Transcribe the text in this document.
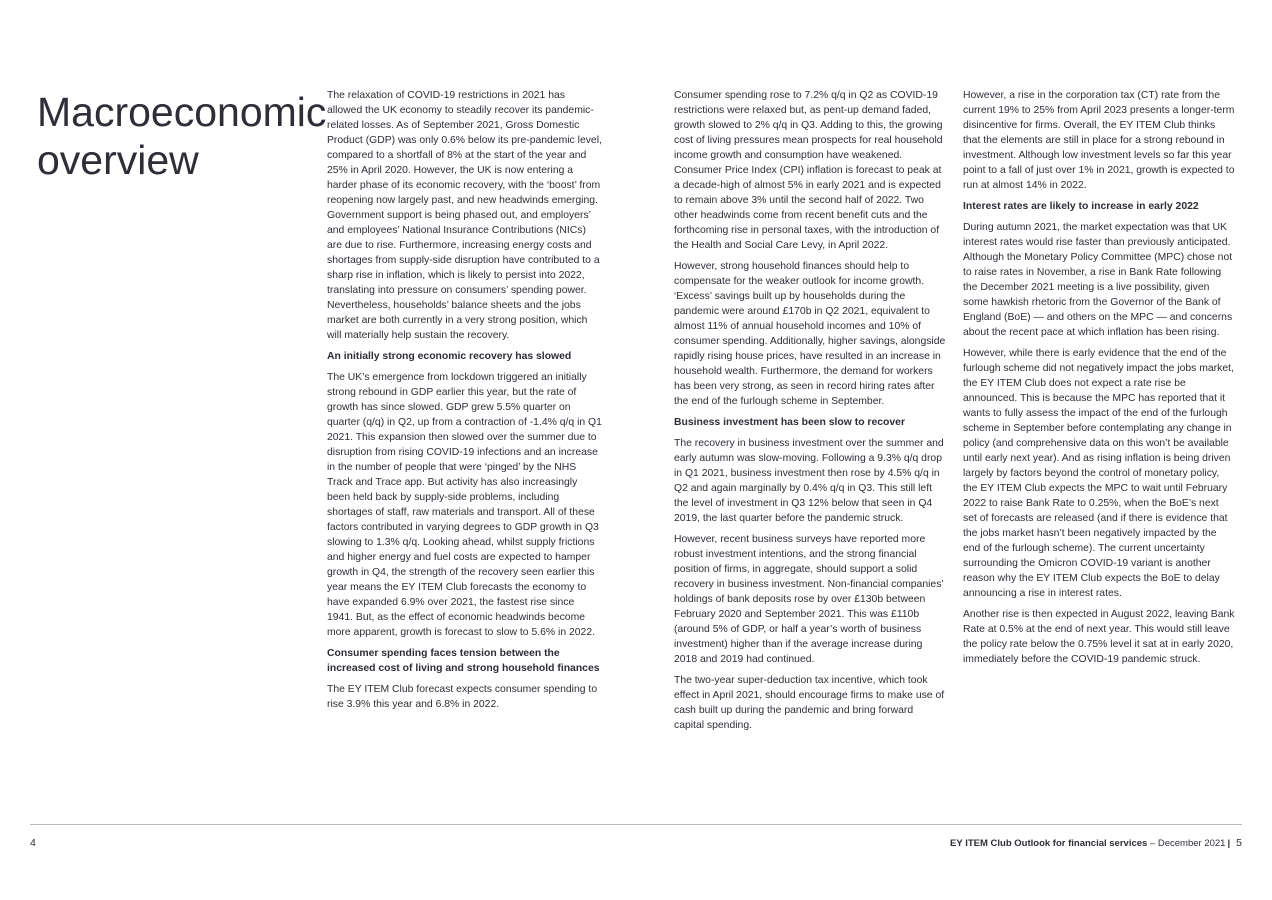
Macroeconomic overview

The relaxation of COVID-19 restrictions in 2021 has allowed the UK economy to steadily recover its pandemic-related losses. As of September 2021, Gross Domestic Product (GDP) was only 0.6% below its pre-pandemic level, compared to a shortfall of 8% at the start of the year and 25% in April 2020. However, the UK is now entering a harder phase of its economic recovery, with the ‘boost’ from reopening now largely past, and new headwinds emerging. Government support is being phased out, and employers’ and employees’ National Insurance Contributions (NICs) are due to rise. Furthermore, increasing energy costs and shortages from supply-side disruption have contributed to a sharp rise in inflation, which is likely to persist into 2022, translating into pressure on consumers’ spending power. Nevertheless, households’ balance sheets and the jobs market are both currently in a very strong position, which will materially help sustain the recovery.

An initially strong economic recovery has slowed

The UK’s emergence from lockdown triggered an initially strong rebound in GDP earlier this year, but the rate of growth has since slowed. GDP grew 5.5% quarter on quarter (q/q) in Q2, up from a contraction of -1.4% q/q in Q1 2021. This expansion then slowed over the summer due to disruption from rising COVID-19 infections and an increase in the number of people that were ‘pinged’ by the NHS Track and Trace app. But activity has also increasingly been held back by supply-side problems, including shortages of staff, raw materials and transport. All of these factors contributed in varying degrees to GDP growth in Q3 slowing to 1.3% q/q. Looking ahead, whilst supply frictions and higher energy and fuel costs are expected to hamper growth in Q4, the strength of the recovery seen earlier this year means the EY ITEM Club forecasts the economy to have expanded 6.9% over 2021, the fastest rise since 1941. But, as the effect of economic headwinds become more apparent, growth is forecast to slow to 5.6% in 2022.

Consumer spending faces tension between the increased cost of living and strong household finances

The EY ITEM Club forecast expects consumer spending to rise 3.9% this year and 6.8% in 2022.

Consumer spending rose to 7.2% q/q in Q2 as COVID-19 restrictions were relaxed but, as pent-up demand faded, growth slowed to 2% q/q in Q3. Adding to this, the growing cost of living pressures mean prospects for real household income growth and consumption have weakened. Consumer Price Index (CPI) inflation is forecast to peak at a decade-high of almost 5% in early 2021 and is expected to remain above 3% until the second half of 2022. Two other headwinds come from recent benefit cuts and the forthcoming rise in personal taxes, with the introduction of the Health and Social Care Levy, in April 2022.

However, strong household finances should help to compensate for the weaker outlook for income growth. ‘Excess’ savings built up by households during the pandemic were around £170b in Q2 2021, equivalent to almost 11% of annual household incomes and 10% of consumer spending. Additionally, higher savings, alongside rapidly rising house prices, have resulted in an increase in household wealth. Furthermore, the demand for workers has been very strong, as seen in record hiring rates after the end of the furlough scheme in September.

Business investment has been slow to recover

The recovery in business investment over the summer and early autumn was slow-moving. Following a 9.3% q/q drop in Q1 2021, business investment then rose by 4.5% q/q in Q2 and again marginally by 0.4% q/q in Q3. This still left the level of investment in Q3 12% below that seen in Q4 2019, the last quarter before the pandemic struck.

However, recent business surveys have reported more robust investment intentions, and the strong financial position of firms, in aggregate, should support a solid recovery in business investment. Non-financial companies’ holdings of bank deposits rose by over £130b between February 2020 and September 2021. This was £110b (around 5% of GDP, or half a year’s worth of business investment) higher than if the average increase during 2018 and 2019 had continued.

The two-year super-deduction tax incentive, which took effect in April 2021, should encourage firms to make use of cash built up during the pandemic and bring forward capital spending.

However, a rise in the corporation tax (CT) rate from the current 19% to 25% from April 2023 presents a longer-term disincentive for firms. Overall, the EY ITEM Club thinks that the elements are still in place for a strong rebound in investment. Although low investment levels so far this year point to a fall of just over 1% in 2021, growth is expected to run at almost 14% in 2022.

Interest rates are likely to increase in early 2022

During autumn 2021, the market expectation was that UK interest rates would rise faster than previously anticipated. Although the Monetary Policy Committee (MPC) chose not to raise rates in November, a rise in Bank Rate following the December 2021 meeting is a live possibility, given some hawkish rhetoric from the Governor of the Bank of England (BoE) — and others on the MPC — and concerns about the recent pace at which inflation has been rising.

However, while there is early evidence that the end of the furlough scheme did not negatively impact the jobs market, the EY ITEM Club does not expect a rate rise be announced. This is because the MPC has reported that it wants to fully assess the impact of the end of the furlough scheme in September before contemplating any change in policy (and comprehensive data on this won’t be available until early next year). And as rising inflation is being driven largely by factors beyond the control of monetary policy, the EY ITEM Club expects the MPC to wait until February 2022 to raise Bank Rate to 0.25%, when the BoE’s next set of forecasts are released (and if there is evidence that the jobs market hasn’t been negatively impacted by the end of the furlough scheme). The current uncertainty surrounding the Omicron COVID-19 variant is another reason why the EY ITEM Club expects the BoE to delay announcing a rise in interest rates.

Another rise is then expected in August 2022, leaving Bank Rate at 0.5% at the end of next year. This would still leave the policy rate below the 0.75% level it sat at in early 2020, immediately before the COVID-19 pandemic struck.

4	EY ITEM Club Outlook for financial services – December 2021 | 5
